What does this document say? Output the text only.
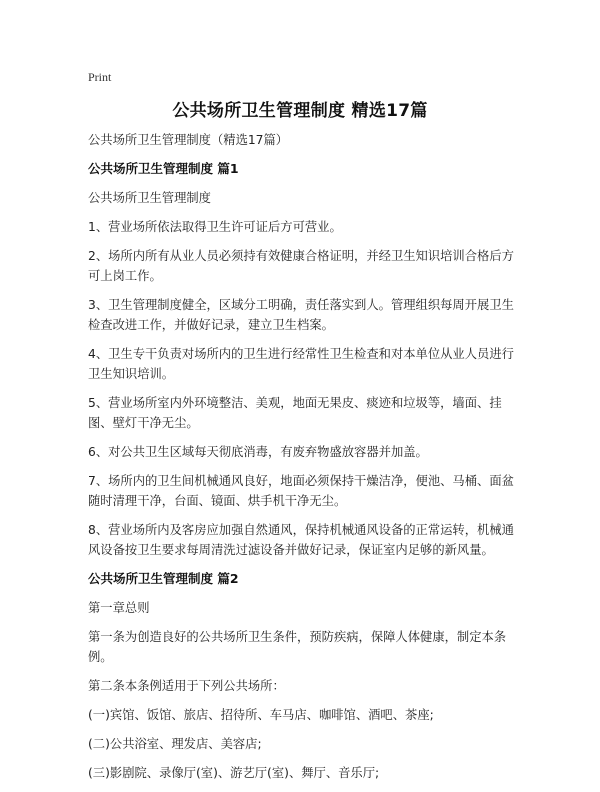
Print
公共场所卫生管理制度 精选17篇

公共场所卫生管理制度（精选17篇）

公共场所卫生管理制度 篇1

公共场所卫生管理制度

1、营业场所依法取得卫生许可证后方可营业。

2、场所内所有从业人员必须持有效健康合格证明，并经卫生知识培训合格后方可上岗工作。

3、卫生管理制度健全，区域分工明确，责任落实到人。管理组织每周开展卫生检查改进工作，并做好记录，建立卫生档案。

4、卫生专干负责对场所内的卫生进行经常性卫生检查和对本单位从业人员进行卫生知识培训。

5、营业场所室内外环境整洁、美观，地面无果皮、痰迹和垃圾等，墙面、挂图、壁灯干净无尘。

6、对公共卫生区域每天彻底消毒，有废弃物盛放容器并加盖。

7、场所内的卫生间机械通风良好，地面必须保持干燥洁净，便池、马桶、面盆随时清理干净，台面、镜面、烘手机干净无尘。

8、营业场所内及客房应加强自然通风，保持机械通风设备的正常运转，机械通风设备按卫生要求每周清洗过滤设备并做好记录，保证室内足够的新风量。

公共场所卫生管理制度 篇2

第一章总则

第一条为创造良好的公共场所卫生条件，预防疾病，保障人体健康，制定本条例。

第二条本条例适用于下列公共场所：

(一)宾馆、饭馆、旅店、招待所、车马店、咖啡馆、酒吧、茶座;

(二)公共浴室、理发店、美容店;

(三)影剧院、录像厅(室)、游艺厅(室)、舞厅、音乐厅;
